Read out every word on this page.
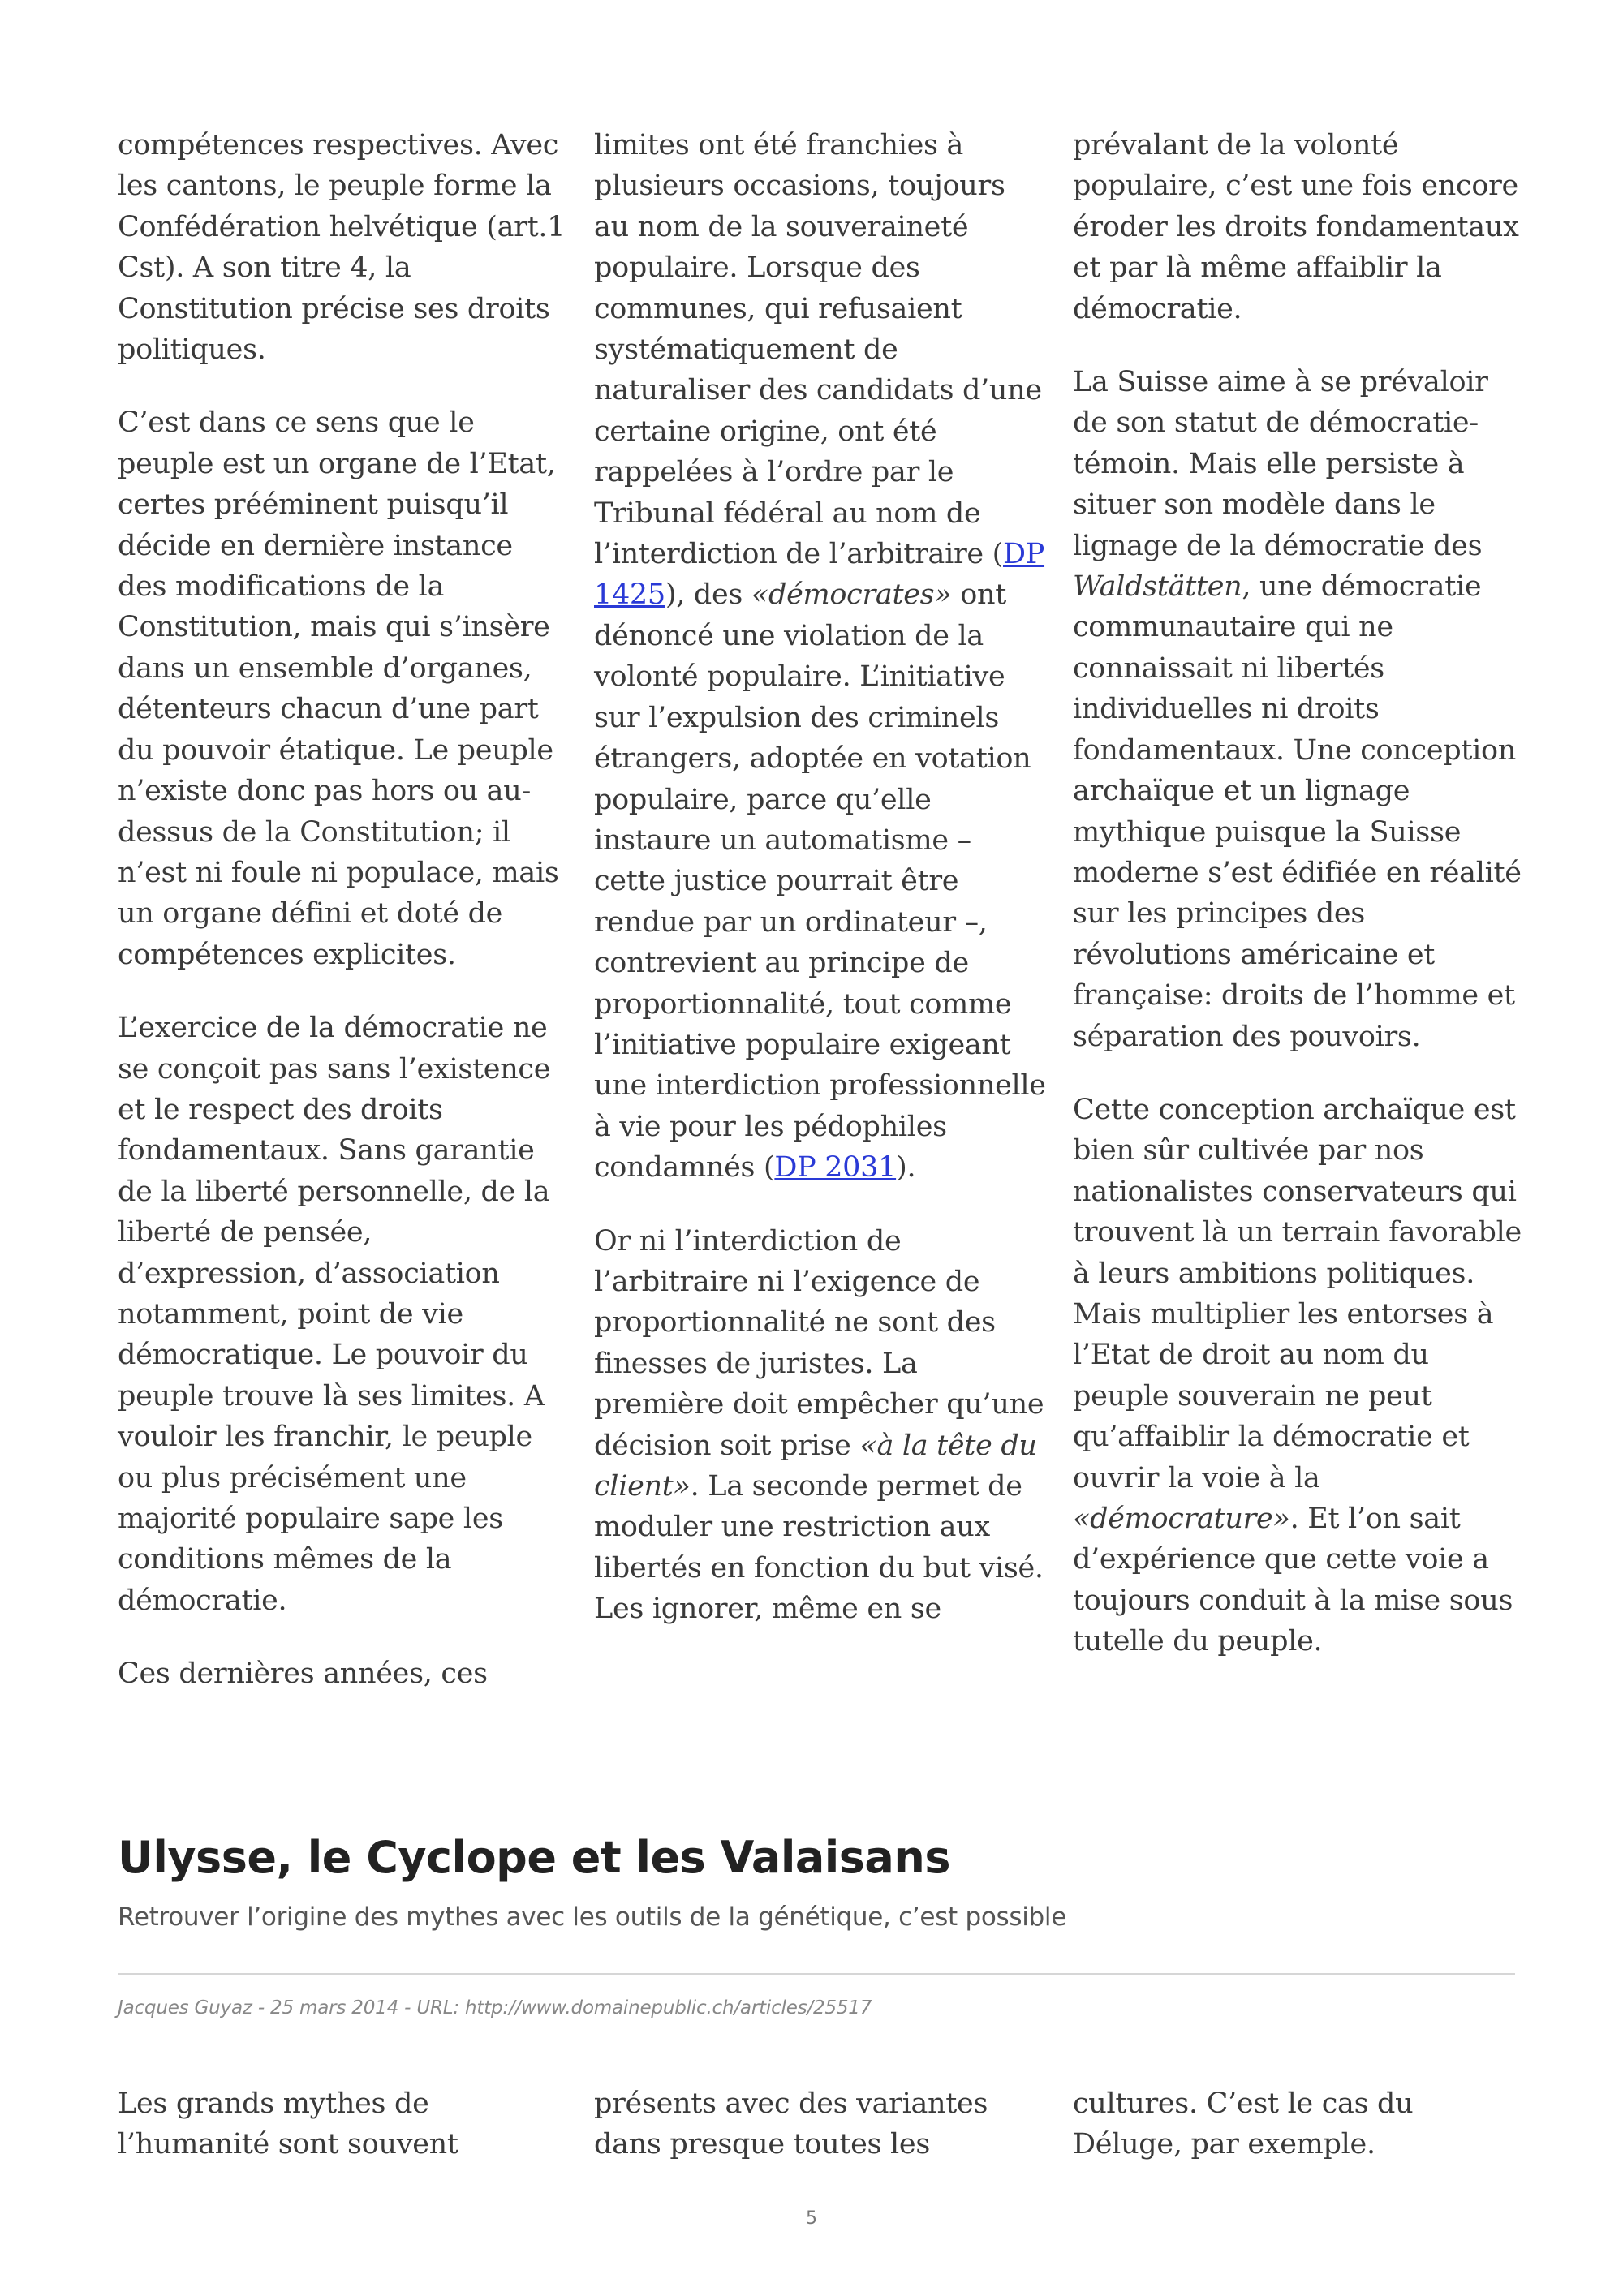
compétences respectives. Avec les cantons, le peuple forme la Confédération helvétique (art.1 Cst). A son titre 4, la Constitution précise ses droits politiques.

C’est dans ce sens que le peuple est un organe de l’Etat, certes prééminent puisqu’il décide en dernière instance des modifications de la Constitution, mais qui s’insère dans un ensemble d’organes, détenteurs chacun d’une part du pouvoir étatique. Le peuple n’existe donc pas hors ou au-dessus de la Constitution; il n’est ni foule ni populace, mais un organe défini et doté de compétences explicites.

L’exercice de la démocratie ne se conçoit pas sans l’existence et le respect des droits fondamentaux. Sans garantie de la liberté personnelle, de la liberté de pensée, d’expression, d’association notamment, point de vie démocratique. Le pouvoir du peuple trouve là ses limites. A vouloir les franchir, le peuple ou plus précisément une majorité populaire sape les conditions mêmes de la démocratie.

Ces dernières années, ces

limites ont été franchies à plusieurs occasions, toujours au nom de la souveraineté populaire. Lorsque des communes, qui refusaient systématiquement de naturaliser des candidats d’une certaine origine, ont été rappelées à l’ordre par le Tribunal fédéral au nom de l’interdiction de l’arbitraire (DP 1425), des «démocrates» ont dénoncé une violation de la volonté populaire. L’initiative sur l’expulsion des criminels étrangers, adoptée en votation populaire, parce qu’elle instaure un automatisme – cette justice pourrait être rendue par un ordinateur –, contrevient au principe de proportionnalité, tout comme l’initiative populaire exigeant une interdiction professionnelle à vie pour les pédophiles condamnés (DP 2031).

Or ni l’interdiction de l’arbitraire ni l’exigence de proportionnalité ne sont des finesses de juristes. La première doit empêcher qu’une décision soit prise «à la tête du client». La seconde permet de moduler une restriction aux libertés en fonction du but visé. Les ignorer, même en se

prévalant de la volonté populaire, c’est une fois encore éroder les droits fondamentaux et par là même affaiblir la démocratie.

La Suisse aime à se prévaloir de son statut de démocratie-témoin. Mais elle persiste à situer son modèle dans le lignage de la démocratie des Waldstätten, une démocratie communautaire qui ne connaissait ni libertés individuelles ni droits fondamentaux. Une conception archaïque et un lignage mythique puisque la Suisse moderne s’est édifiée en réalité sur les principes des révolutions américaine et française: droits de l’homme et séparation des pouvoirs.

Cette conception archaïque est bien sûr cultivée par nos nationalistes conservateurs qui trouvent là un terrain favorable à leurs ambitions politiques. Mais multiplier les entorses à l’Etat de droit au nom du peuple souverain ne peut qu’affaiblir la démocratie et ouvrir la voie à la «démocrature». Et l’on sait d’expérience que cette voie a toujours conduit à la mise sous tutelle du peuple.

Ulysse, le Cyclope et les Valaisans

Retrouver l’origine des mythes avec les outils de la génétique, c’est possible

Jacques Guyaz - 25 mars 2014 - URL: http://www.domainepublic.ch/articles/25517
Les grands mythes de l’humanité sont souvent
présents avec des variantes dans presque toutes les
cultures. C’est le cas du Déluge, par exemple.
5
